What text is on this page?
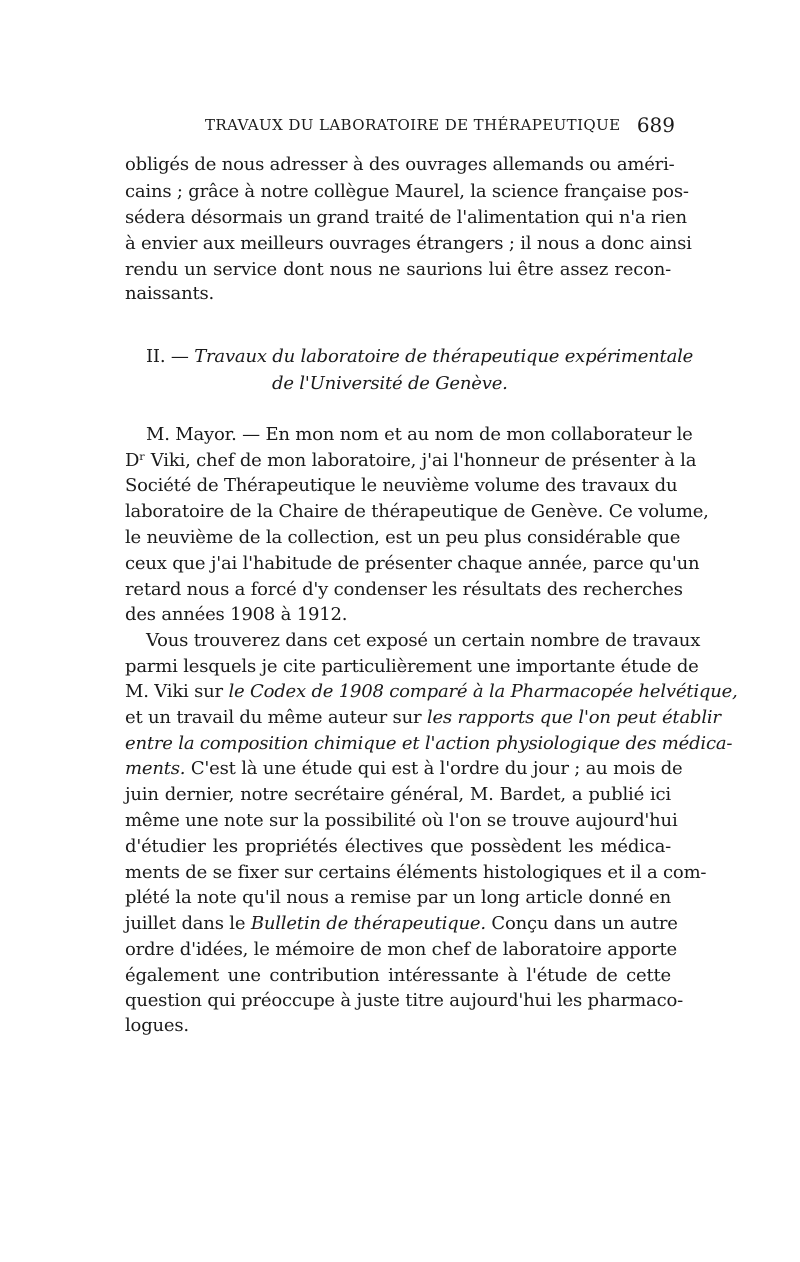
TRAVAUX DU LABORATOIRE DE THÉRAPEUTIQUE 689
obligés de nous adresser à des ouvrages allemands ou améri-
cains ; grâce à notre collègue Maurel, la science française pos-
sédera désormais un grand traité de l'alimentation qui n'a rien
à envier aux meilleurs ouvrages étrangers ; il nous a donc ainsi
rendu un service dont nous ne saurions lui être assez recon-
naissants.
II. — Travaux du laboratoire de thérapeutique expérimentale
de l'Université de Genève.
M. Mayor. — En mon nom et au nom de mon collaborateur le
Dʳ Viki, chef de mon laboratoire, j'ai l'honneur de présenter à la
Société de Thérapeutique le neuvième volume des travaux du
laboratoire de la Chaire de thérapeutique de Genève. Ce volume,
le neuvième de la collection, est un peu plus considérable que
ceux que j'ai l'habitude de présenter chaque année, parce qu'un
retard nous a forcé d'y condenser les résultats des recherches
des années 1908 à 1912.
Vous trouverez dans cet exposé un certain nombre de travaux
parmi lesquels je cite particulièrement une importante étude de
M. Viki sur le Codex de 1908 comparé à la Pharmacopée helvétique,
et un travail du même auteur sur les rapports que l'on peut établir
entre la composition chimique et l'action physiologique des médica-
ments. C'est là une étude qui est à l'ordre du jour ; au mois de
juin dernier, notre secrétaire général, M. Bardet, a publié ici
même une note sur la possibilité où l'on se trouve aujourd'hui
d'étudier les propriétés électives que possèdent les médica-
ments de se fixer sur certains éléments histologiques et il a com-
plété la note qu'il nous a remise par un long article donné en
juillet dans le Bulletin de thérapeutique. Conçu dans un autre
ordre d'idées, le mémoire de mon chef de laboratoire apporte
également une contribution intéressante à l'étude de cette
question qui préoccupe à juste titre aujourd'hui les pharmaco-
logues.
